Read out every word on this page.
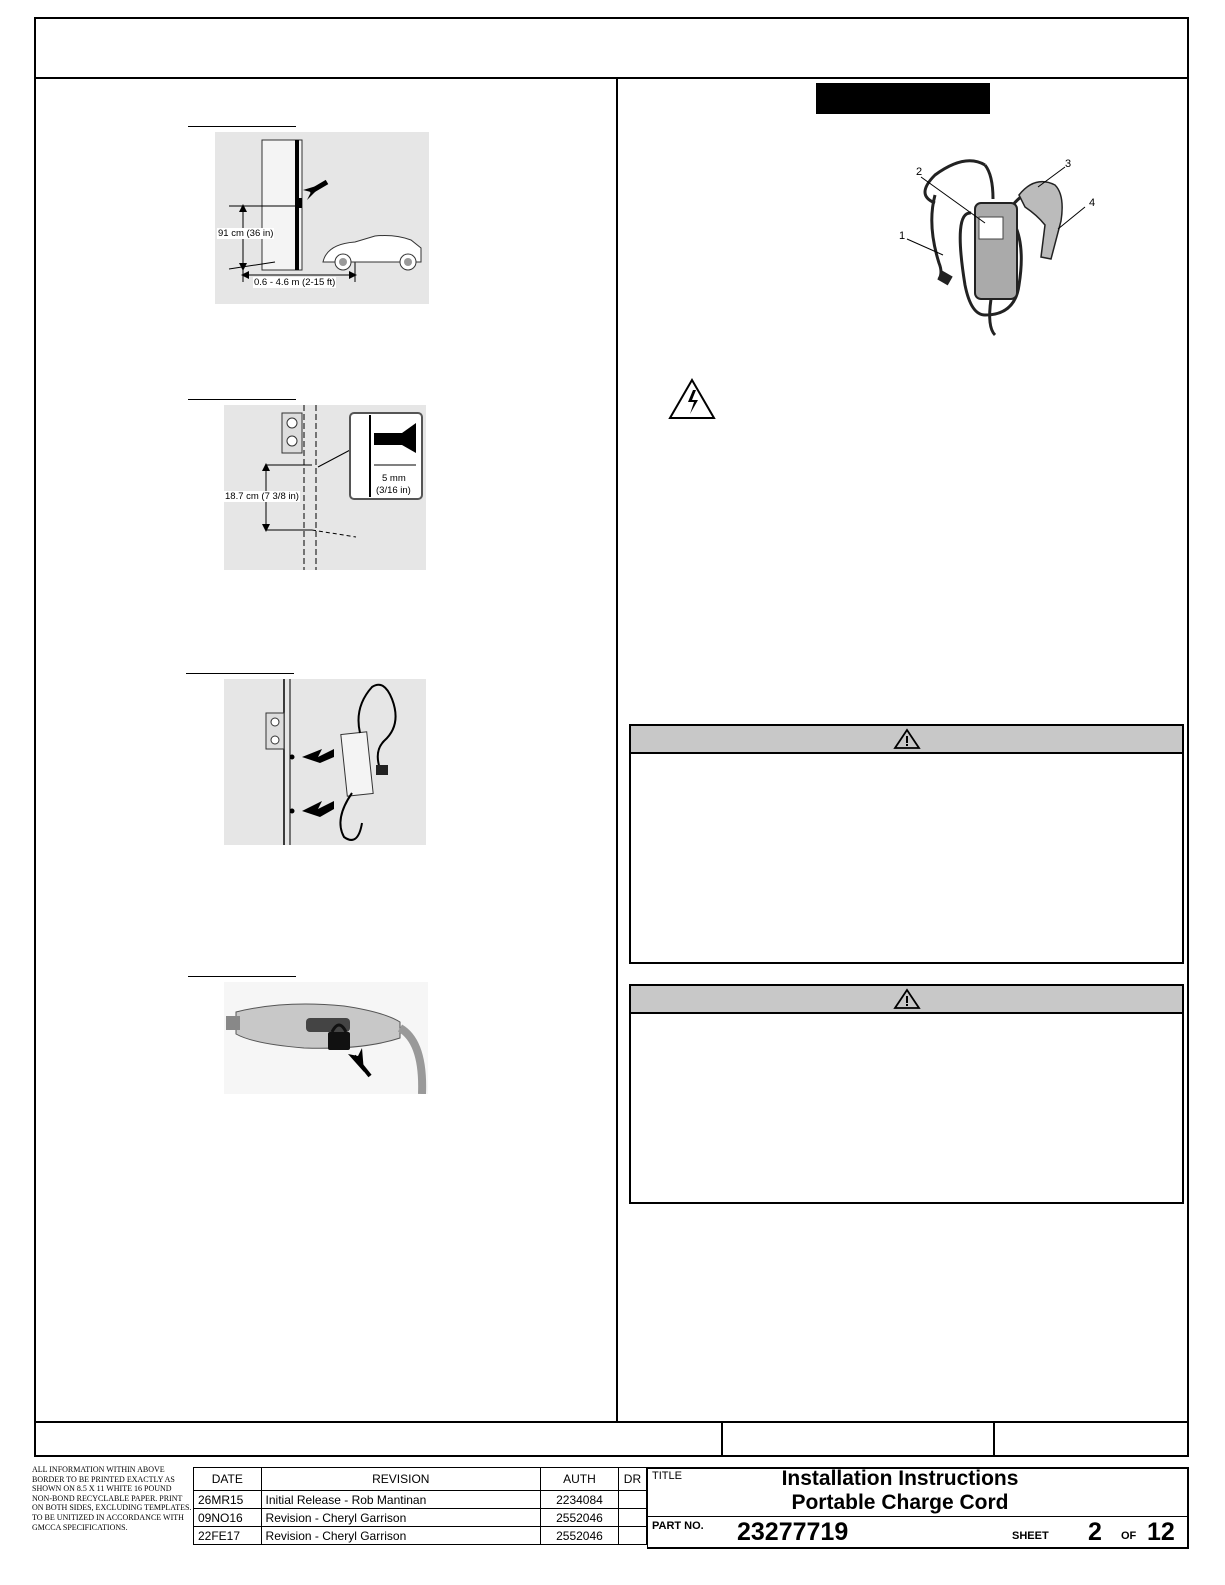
91 cm (36 in)
0.6 - 4.6 m (2-15 ft)
18.7 cm (7 3/8 in)
5 mm
(3/16 in)
1
2
3
4
ALL INFORMATION WITHIN ABOVE BORDER TO BE PRINTED EXACTLY AS SHOWN ON 8.5 X 11 WHITE 16 POUND NON-BOND RECYCLABLE PAPER. PRINT ON BOTH SIDES, EXCLUDING TEMPLATES. TO BE UNITIZED IN ACCORDANCE WITH GMCCA SPECIFICATIONS.
DATE	REVISION	AUTH	DR
26MR15	Initial Release - Rob Mantinan	2234084	
09NO16	Revision - Cheryl Garrison	2552046	
22FE17	Revision - Cheryl Garrison	2552046	
TITLE	Installation Instructions
Portable Charge Cord
PART NO. 23277719	SHEET 2 OF 12
